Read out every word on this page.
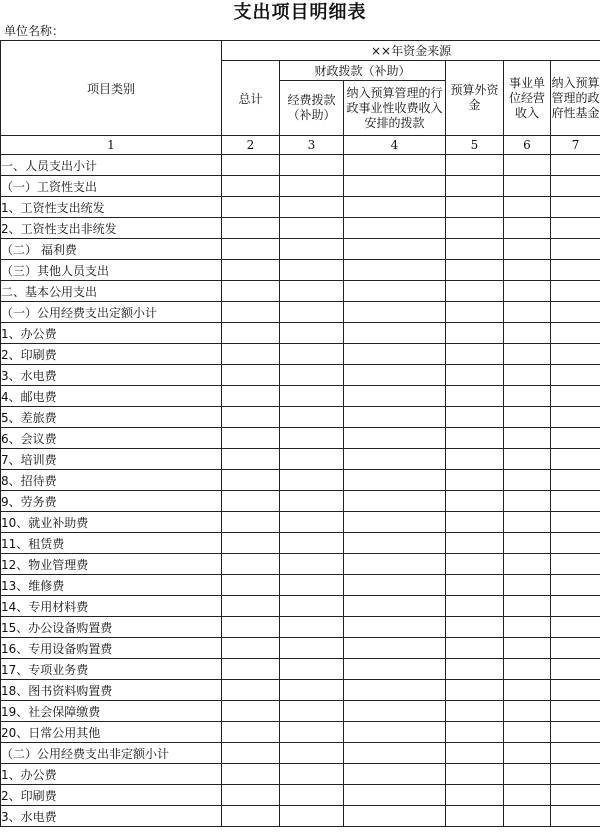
支出项目明细表
单位名称：
项目类别	××年资金来源					
	总计	财政拨款（补助）		预算外资金	事业单位经营收入	纳入预算管理的政府性基金
		经费拨款（补助）	纳入预算管理的行政事业性收费收入安排的拨款			
1	2	3	4	5	6	7
一、人员支出小计						
（一）工资性支出						
1、工资性支出统发						
2、工资性支出非统发						
（二） 福利费						
（三）其他人员支出						
二、基本公用支出						
（一）公用经费支出定额小计						
1、办公费						
2、印刷费						
3、水电费						
4、邮电费						
5、差旅费						
6、会议费						
7、培训费						
8、招待费						
9、劳务费						
10、就业补助费						
11、租赁费						
12、物业管理费						
13、维修费						
14、专用材料费						
15、办公设备购置费						
16、专用设备购置费						
17、专项业务费						
18、图书资料购置费						
19、社会保障缴费						
20、日常公用其他						
（二）公用经费支出非定额小计						
1、办公费						
2、印刷费						
3、水电费						
